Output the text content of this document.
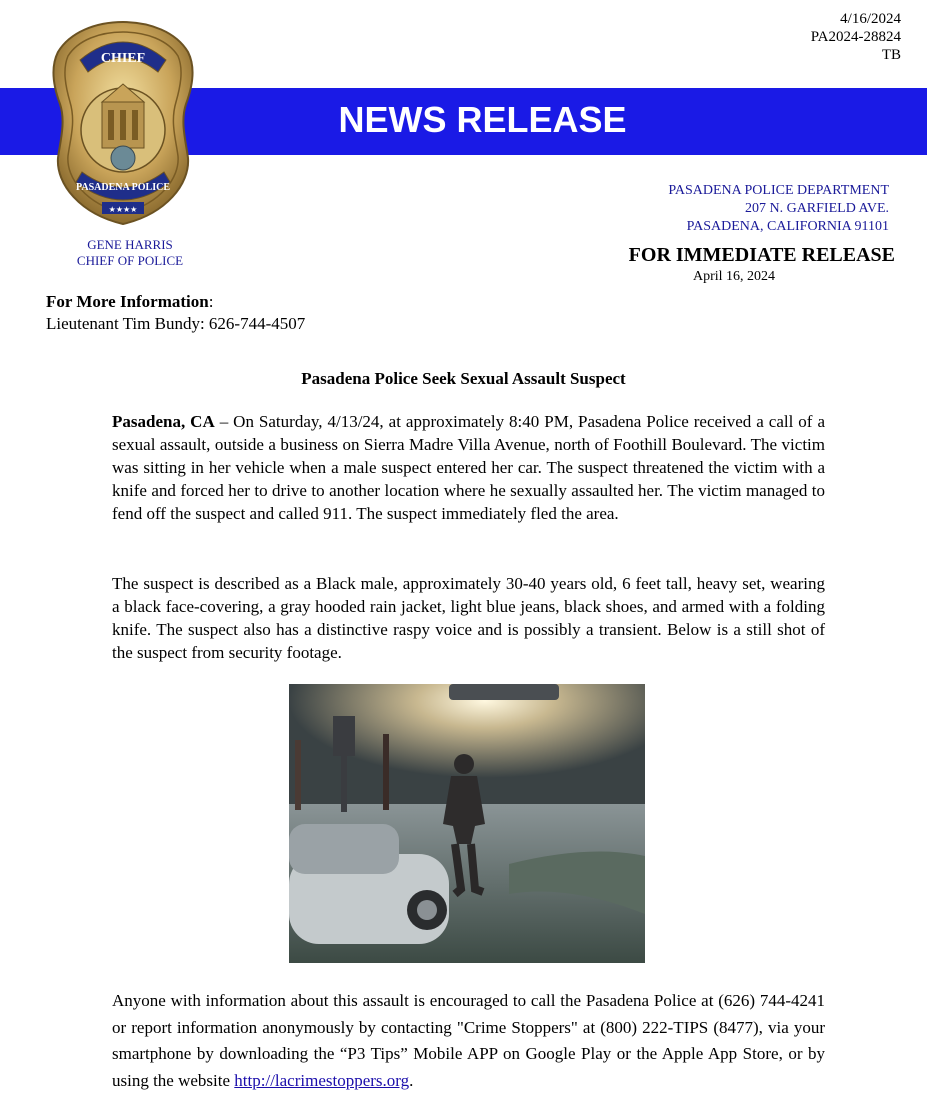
4/16/2024
PA2024-28824
TB
NEWS RELEASE
CHIEF
PASADENA POLICE
★★★★
GENE HARRIS
CHIEF OF POLICE
PASADENA POLICE DEPARTMENT
207 N. GARFIELD AVE.
PASADENA, CALIFORNIA 91101
FOR IMMEDIATE RELEASE
April 16, 2024
For More Information:
Lieutenant Tim Bundy: 626-744-4507
Pasadena Police Seek Sexual Assault Suspect
Pasadena, CA – On Saturday, 4/13/24, at approximately 8:40 PM, Pasadena Police received a call of a sexual assault, outside a business on Sierra Madre Villa Avenue, north of Foothill Boulevard. The victim was sitting in her vehicle when a male suspect entered her car. The suspect threatened the victim with a knife and forced her to drive to another location where he sexually assaulted her. The victim managed to fend off the suspect and called 911. The suspect immediately fled the area.
The suspect is described as a Black male, approximately 30-40 years old, 6 feet tall, heavy set, wearing a black face-covering, a gray hooded rain jacket, light blue jeans, black shoes, and armed with a folding knife. The suspect also has a distinctive raspy voice and is possibly a transient. Below is a still shot of the suspect from security footage.
Anyone with information about this assault is encouraged to call the Pasadena Police at (626) 744-4241 or report information anonymously by contacting "Crime Stoppers" at (800) 222-TIPS (8477), via your smartphone by downloading the “P3 Tips” Mobile APP on Google Play or the Apple App Store, or by using the website http://lacrimestoppers.org.
